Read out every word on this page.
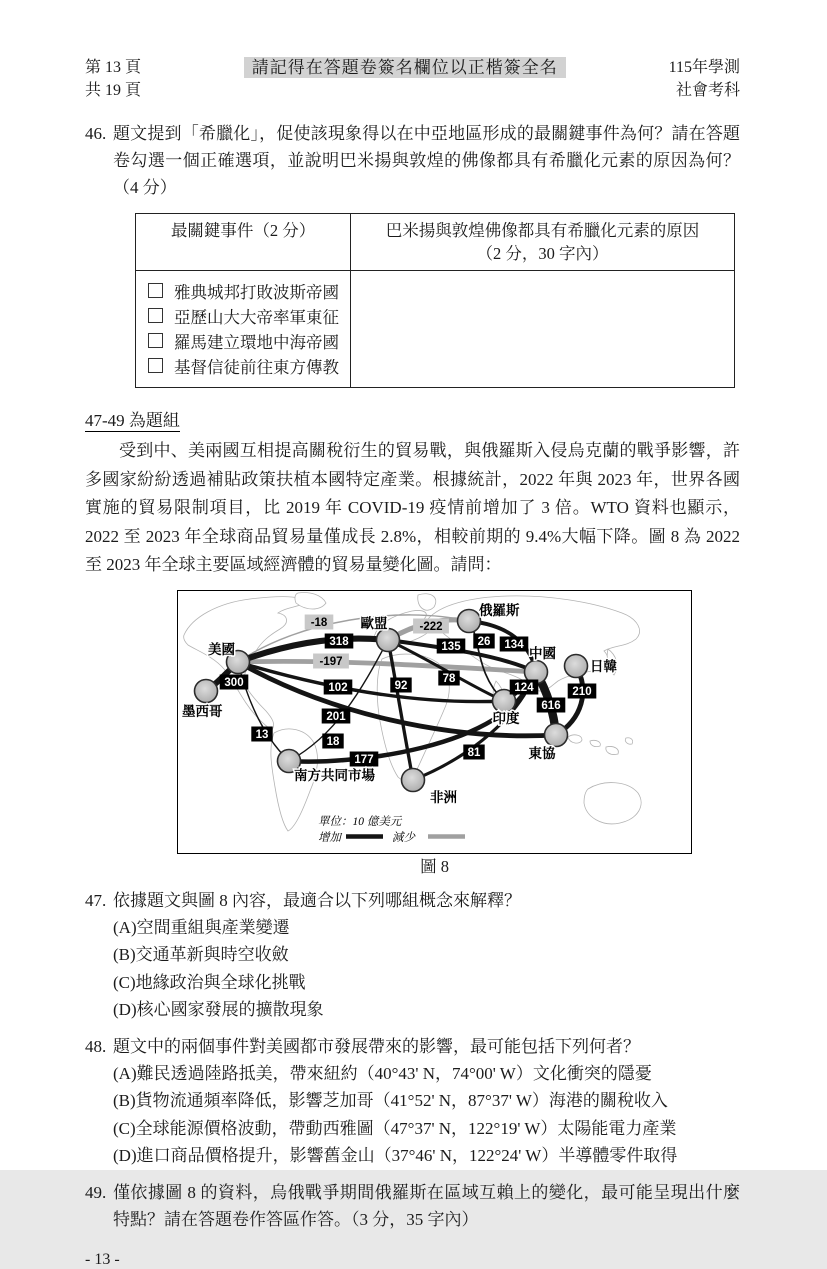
第 13 頁
共 19 頁
請記得在答題卷簽名欄位以正楷簽全名	115年學測
社會考科
46. 題文提到「希臘化」，促使該現象得以在中亞地區形成的最關鍵事件為何？請在答題卷勾選一個正確選項，並說明巴米揚與敦煌的佛像都具有希臘化元素的原因為何？（4 分）
最關鍵事件（2 分）	巴米揚與敦煌佛像都具有希臘化元素的原因
（2 分，30 字內）

雅典城邦打敗波斯帝國
亞歷山大大帝率軍東征
羅馬建立環地中海帝國
基督信徒前往東方傳教	

47-49 為題組

受到中、美兩國互相提高關稅衍生的貿易戰，與俄羅斯入侵烏克蘭的戰爭影響，許多國家紛紛透過補貼政策扶植本國特定產業。根據統計，2022 年與 2023 年，世界各國實施的貿易限制項目，比 2019 年 COVID-19 疫情前增加了 3 倍。WTO 資料也顯示，2022 至 2023 年全球商品貿易量僅成長 2.8%，相較前期的 9.4%大幅下降。圖 8 為 2022 至 2023 年全球主要區域經濟體的貿易量變化圖。請問：

300
318
-18
-197
102
201
13
-222
135
78
92
18
134
26
124
616
177
81
210
美國
墨西哥
歐盟
俄羅斯
中國
日韓
印度
東協
南方共同市場
非洲
單位：10 億美元
增加	減少
圖 8
47. 依據題文與圖 8 內容，最適合以下列哪組概念來解釋？
(A)空間重組與產業變遷
(B)交通革新與時空收斂
(C)地緣政治與全球化挑戰
(D)核心國家發展的擴散現象
48. 題文中的兩個事件對美國都市發展帶來的影響，最可能包括下列何者？
(A)難民透過陸路抵美，帶來紐約（40°43' N，74°00' W）文化衝突的隱憂
(B)貨物流通頻率降低，影響芝加哥（41°52' N，87°37' W）海港的關稅收入
(C)全球能源價格波動，帶動西雅圖（47°37' N，122°19' W）太陽能電力產業
(D)進口商品價格提升，影響舊金山（37°46' N，122°24' W）半導體零件取得
49. 僅依據圖 8 的資料，烏俄戰爭期間俄羅斯在區域互賴上的變化，最可能呈現出什麼特點？請在答題卷作答區作答。（3 分，35 字內）
- 13 -
